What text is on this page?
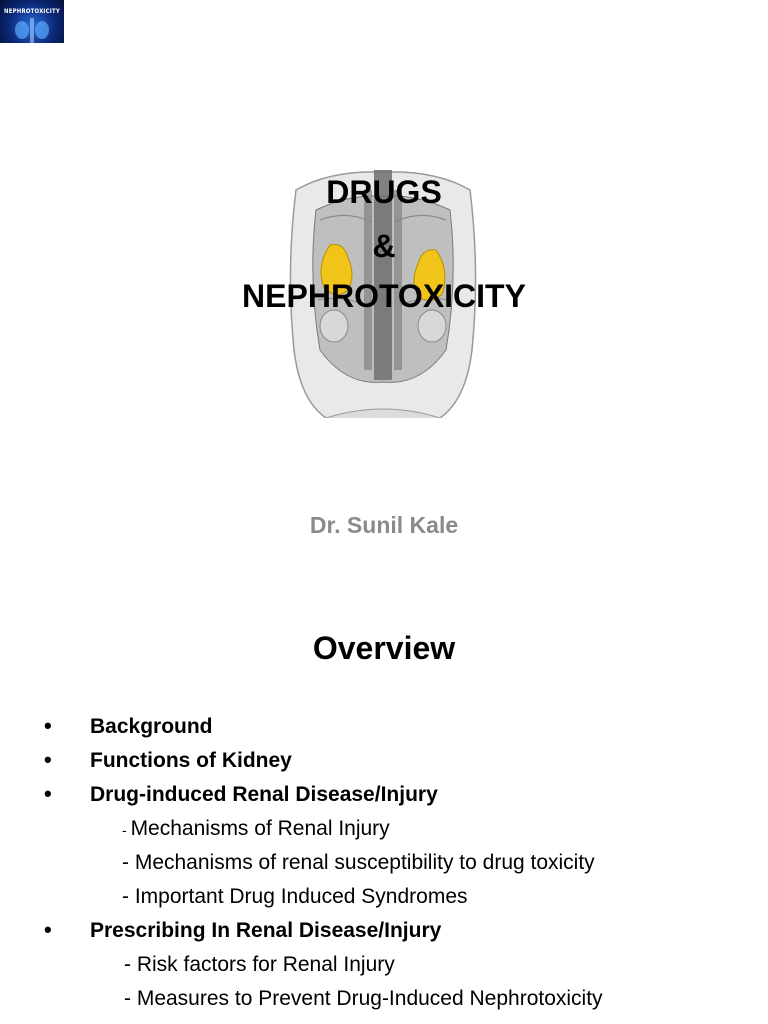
NEPHROTOXICITY
DRUGS
&
NEPHROTOXICITY
Dr. Sunil Kale
Overview
• Background
• Functions of Kidney
• Drug-induced Renal Disease/Injury
- Mechanisms of Renal Injury
- Mechanisms of renal susceptibility to drug toxicity
- Important Drug Induced Syndromes
• Prescribing In Renal Disease/Injury
- Risk factors for Renal Injury
- Measures to Prevent Drug-Induced Nephrotoxicity
